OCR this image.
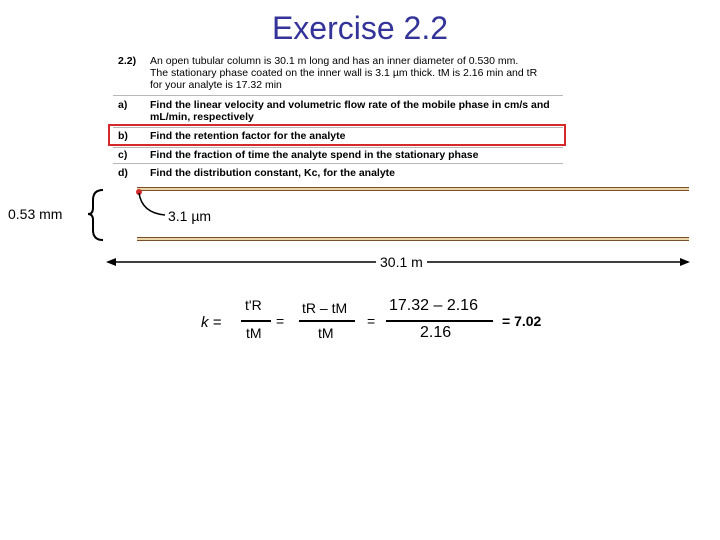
Exercise 2.2
2.2) An open tubular column is 30.1 m long and has an inner diameter of 0.530 mm.
The stationary phase coated on the inner wall is 3.1 µm thick. tM is 2.16 min and tR
for your analyte is 17.32 min
a) Find the linear velocity and volumetric flow rate of the mobile phase in cm/s and
mL/min, respectively
b) Find the retention factor for the analyte
c) Find the fraction of time the analyte spend in the stationary phase
d) Find the distribution constant, Kc, for the analyte
0.53 mm	3.1 µm
30.1 m
k =
t'R
tM
=
tR – tM
tM
=
17.32 – 2.16
2.16
= 7.02
